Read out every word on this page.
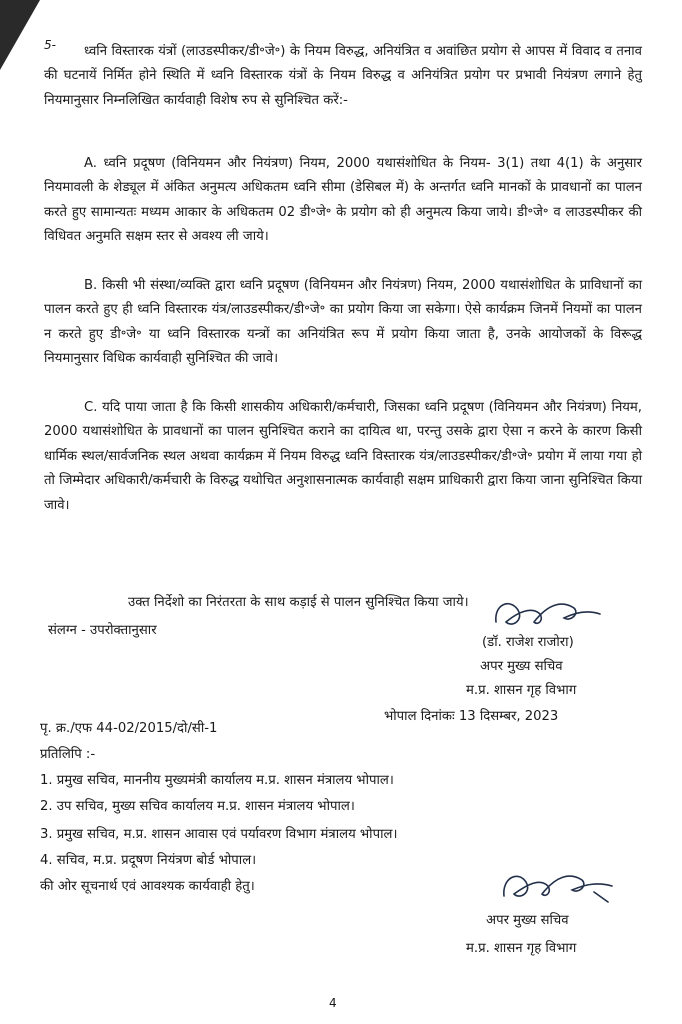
5-	ध्वनि विस्तारक यंत्रों (लाउडस्पीकर/डी॰जे॰) के नियम विरुद्ध, अनियंत्रित व अवांछित प्रयोग से आपस में विवाद व तनाव की घटनायें निर्मित होने स्थिति में ध्वनि विस्तारक यंत्रों के नियम विरुद्ध व अनियंत्रित प्रयोग पर प्रभावी नियंत्रण लगाने हेतु नियमानुसार निम्नलिखित कार्यवाही विशेष रुप से सुनिश्चित करें:-

A. ध्वनि प्रदूषण (विनियमन और नियंत्रण) नियम, 2000 यथासंशोधित के नियम- 3(1) तथा 4(1) के अनुसार नियमावली के शेड्यूल में अंकित अनुमत्य अधिकतम ध्वनि सीमा (डेसिबल में) के अन्तर्गत ध्वनि मानकों के प्रावधानों का पालन करते हुए सामान्यतः मध्यम आकार के अधिकतम 02 डी॰जे॰ के प्रयोग को ही अनुमत्य किया जाये। डी॰जे॰ व लाउडस्पीकर की विधिवत अनुमति सक्षम स्तर से अवश्य ली जाये।

B. किसी भी संस्था/व्यक्ति द्वारा ध्वनि प्रदूषण (विनियमन और नियंत्रण) नियम, 2000 यथासंशोधित के प्राविधानों का पालन करते हुए ही ध्वनि विस्तारक यंत्र/लाउडस्पीकर/डी॰जे॰ का प्रयोग किया जा सकेगा। ऐसे कार्यक्रम जिनमें नियमों का पालन न करते हुए डी॰जे॰ या ध्वनि विस्तारक यन्त्रों का अनियंत्रित रूप में प्रयोग किया जाता है, उनके आयोजकों के विरूद्ध नियमानुसार विधिक कार्यवाही सुनिश्चित की जावे।

C. यदि पाया जाता है कि किसी शासकीय अधिकारी/कर्मचारी, जिसका ध्वनि प्रदूषण (विनियमन और नियंत्रण) नियम, 2000 यथासंशोधित के प्रावधानों का पालन सुनिश्चित कराने का दायित्व था, परन्तु उसके द्वारा ऐसा न करने के कारण किसी धार्मिक स्थल/सार्वजनिक स्थल अथवा कार्यक्रम में नियम विरुद्ध ध्वनि विस्तारक यंत्र/लाउडस्पीकर/डी॰जे॰ प्रयोग में लाया गया हो तो जिम्मेदार अधिकारी/कर्मचारी के विरुद्ध यथोचित अनुशासनात्मक कार्यवाही सक्षम प्राधिकारी द्वारा किया जाना सुनिश्चित किया जावे।

उक्त निर्देशो का निरंतरता के साथ कड़ाई से पालन सुनिश्चित किया जाये।

संलग्न - उपरोक्तानुसार

(डॉ. राजेश राजोरा)

अपर मुख्य सचिव

म.प्र. शासन गृह विभाग

भोपाल दिनांकः 13 दिसम्बर, 2023

पृ. क्र./एफ 44-02/2015/दो/सी-1

प्रतिलिपि :-

1. प्रमुख सचिव, माननीय मुख्यमंत्री कार्यालय म.प्र. शासन मंत्रालय भोपाल।
2. उप सचिव, मुख्य सचिव कार्यालय म.प्र. शासन मंत्रालय भोपाल।
3. प्रमुख सचिव, म.प्र. शासन आवास एवं पर्यावरण विभाग मंत्रालय भोपाल।
4. सचिव, म.प्र. प्रदूषण नियंत्रण बोर्ड भोपाल।

की ओर सूचनार्थ एवं आवश्यक कार्यवाही हेतु।

अपर मुख्य सचिव

म.प्र. शासन गृह विभाग

4
